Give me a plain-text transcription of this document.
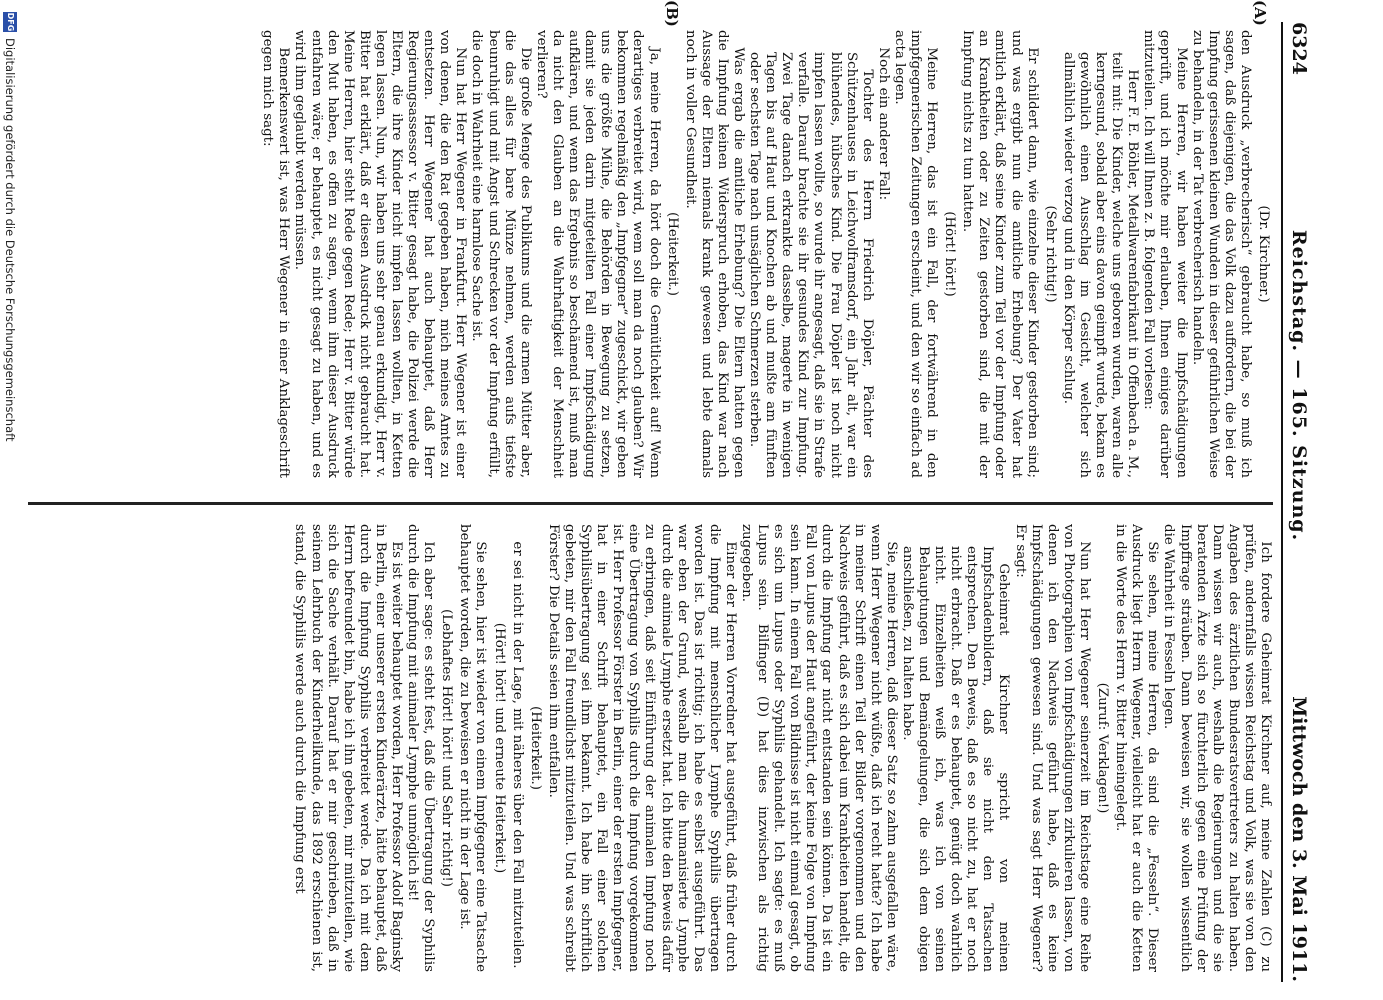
6324
Reichstag. — 165. Sitzung.
Mittwoch den 3. Mai 1911.
(A)
(B)

(Dr. Kirchner.)

den Ausdruck „verbrecherisch“ gebraucht habe, so muß ich sagen, daß diejenigen, die das Volk dazu auffordern, die bei der Impfung gerissenen kleinen Wunden in dieser geführlichen Weise zu behandeln, in der Tat verbrecherisch handeln.

Meine Herren, wir haben weiter die Impfschädigungen geprüft, und ich möchte mir erlauben, Ihnen einiges darüber mitzuteilen. Ich will Ihnen z. B. folgenden Fall vorlesen:

Herr F. E. Böhler, Metallwarenfabrikant in Offenbach a. M., teilt mit: Die Kinder, welche uns geboren wurden, waren alle kerngesund, sobald aber eins davon geimpft wurde, bekam es gewöhnlich einen Ausschlag im Gesicht, welcher sich allmählich wieder verzog und in den Körper schlug.

(Sehr richtig!)

Er schildert dann, wie einzelne dieser Kinder gestorben sind; und was ergibt nun die amtliche Erhebung? Der Vater hat amtlich erklärt, daß seine Kinder zum Teil vor der Impfung oder an Krankheiten oder zu Zeiten gestorben sind, die mit der Impfung nichts zu tun hatten.

(Hört! hört!)

Meine Herren, das ist ein Fall, der fortwährend in den impfgegnerischen Zeitungen erscheint, und den wir so einfach ad acta legen.

Noch ein anderer Fall:

Tochter des Herrn Friedrich Döpler, Pächter des Schützenhauses in Leichwolframsdorf, ein Jahr alt, war ein blühendes, hübsches Kind. Die Frau Döpler ist noch nicht impfen lassen wollte, so wurde ihr angesagt, daß sie in Strafe verfalle. Darauf brachte sie ihr gesundes Kind zur Impfung. Zwei Tage danach erkrankte dasselbe, magerte in wenigen Tagen bis auf Haut und Knochen ab und mußte am fünften oder sechsten Tage nach unsäglichen Schmerzen sterben.

Was ergab die amtliche Erhebung? Die Eltern hatten gegen die Impfung keinen Widerspruch erhoben, das Kind war nach Aussage der Eltern niemals krank gewesen und lebte damals noch in voller Gesundheit.

(Heiterkeit.)

Ja, meine Herren, da hört doch die Gemütlichkeit auf! Wenn derartiges verbreitet wird, wem soll man da noch glauben? Wir bekommen regelmäßig den „Impfgegner“ zugeschickt, wir geben uns die größte Mühe, die Behörden in Bewegung zu setzen, damit sie jeden darin mitgeteilten Fall einer Impfschädigung aufklären, und wenn das Ergebnis so beschämend ist, muß man da nicht den Glauben an die Wahrhaftigkeit der Menschheit verlieren?

Die große Menge des Publikums und die armen Mütter aber, die das alles für bare Münze nehmen, werden aufs tiefste beunruhigt und mit Angst und Schrecken vor der Impfung erfüllt, die doch in Wahrheit eine harmlose Sache ist.

Nun hat Herr Wegener in Frankfurt. Herr Wegener ist einer von denen, die den Rat gegeben haben, mich meines Amtes zu entsetzen. Herr Wegener hat auch behauptet, daß Herr Regierungsassessor v. Bitter gesagt habe, die Polizei werde die Eltern, die ihre Kinder nicht impfen lassen wollten, in Ketten legen lassen. Nun, wir haben uns sehr genau erkundigt, Herr v. Bitter hat erklärt, daß er diesen Ausdruck nicht gebraucht hat. Meine Herren, hier steht Rede gegen Rede; Herr v. Bitter würde den Mut haben, es offen zu sagen, wenn ihm dieser Ausdruck entfahren wäre; er behauptet, es nicht gesagt zu haben, und es wird ihm geglaubt werden müssen.

Bemerkenswert ist, was Herr Wegener in einer Anklageschrift gegen mich sagt:

Ich fordere Geheimrat Kirchner auf, meine Zahlen (C) zu prüfen, andernfalls wissen Reichstag und Volk, was sie von den Angaben des ärztlichen Bundesratsvertreters zu halten haben. Dann wissen wir auch, weshalb die Regierungen und die sie beratenden Ärzte sich so fürchterlich gegen eine Prüfung der Impffrage sträuben. Dann beweisen wir, sie wollen wissentlich die Wahrheit in Fesseln legen.

Sie sehen, meine Herren, da sind die „Fesseln“. Dieser Ausdruck liegt Herrn Wegener, vielleicht hat er auch die Ketten in die Worte des Herrn v. Bitter hineingelegt.

(Zuruf: Verklagen!)

Nun hat Herr Wegener seinerzeit im Reichstage eine Reihe von Photographien von Impfschädigungen zirkulieren lassen, von denen ich den Nachweis geführt habe, daß es keine Impfschädigungen gewesen sind. Und was sagt Herr Wegener? Er sagt:

Geheimrat Kirchner spricht von meinen Impfschadenbildern, daß sie nicht den Tatsachen entsprechen. Den Beweis, daß es so nicht zu, hat er noch nicht erbracht. Daß er es behauptet, genügt doch wahrlich nicht. Einzelheiten weiß ich, was ich von seinen Behauptungen und Bemängelungen, die sich dem obigen anschließen, zu halten habe.

Sie, meine Herren, daß dieser Satz so zahm ausgefallen wäre, wenn Herr Wegener nicht wüßte, daß ich recht hatte? Ich habe in meiner Schrift einen Teil der Bilder vorgenommen und den Nachweis geführt, daß es sich dabei um Krankheiten handelt, die durch die Impfung gar nicht entstanden sein können. Da ist ein Fall von Lupus der Haut angeführt, der keine Folge von Impfung sein kann. In einem Fall von Bildnisse ist nicht einmal gesagt, ob es sich um Lupus oder Syphilis gehandelt. Ich sagte: es muß Lupus sein. Bilfinger (D) hat dies inzwischen als richtig zugegeben.

Einer der Herren Vorredner hat ausgeführt, daß früher durch die Impfung mit menschlicher Lymphe Syphilis übertragen worden ist. Das ist richtig; ich habe es selbst ausgeführt. Das war eben der Grund, weshalb man die humanisierte Lymphe durch die animale Lymphe ersetzt hat. Ich bitte den Beweis dafür zu erbringen, daß seit Einführung der animalen Impfung noch eine Übertragung von Syphilis durch die Impfung vorgekommen ist. Herr Professor Förster in Berlin, einer der ersten Impfgegner, hat in einer Schrift behauptet, ein Fall einer solchen Syphilisübertragung sei ihm bekannt. Ich habe ihn schriftlich gebeten, mir den Fall freundlichst mitzuteilen. Und was schreibt Förster? Die Details seien ihm entfallen.

(Heiterkeit.)

er sei nicht in der Lage, mit näheres über den Fall mitzuteilen.

(Hört! hört! und erneute Heiterkeit.)

Sie sehen, hier ist wieder von einem Impfgegner eine Tatsache behauptet worden, die zu beweisen er nicht in der Lage ist.

(Lebhaftes Hört! hört! und Sehr richtig!)

Ich aber sage: es steht fest, daß die Übertragung der Syphilis durch die Impfung mit animaler Lymphe unmöglich ist!

Es ist weiter behauptet worden, Herr Professor Adolf Baginsky in Berlin, einer unserer ersten Kinderärzte, hätte behauptet, daß durch die Impfung Syphilis verbreitet werde. Da ich mit dem Herrn befreundet bin, habe ich ihn gebeten, mir mitzuteilen, wie sich die Sache verhält. Darauf hat er mir geschrieben, daß in seinem Lehrbuch der Kinderheilkunde, das 1892 erschienen ist, stand, die Syphilis werde auch durch die Impfung erst

DFG
Digitalisierung gefördert durch die Deutsche Forschungsgemeinschaft
